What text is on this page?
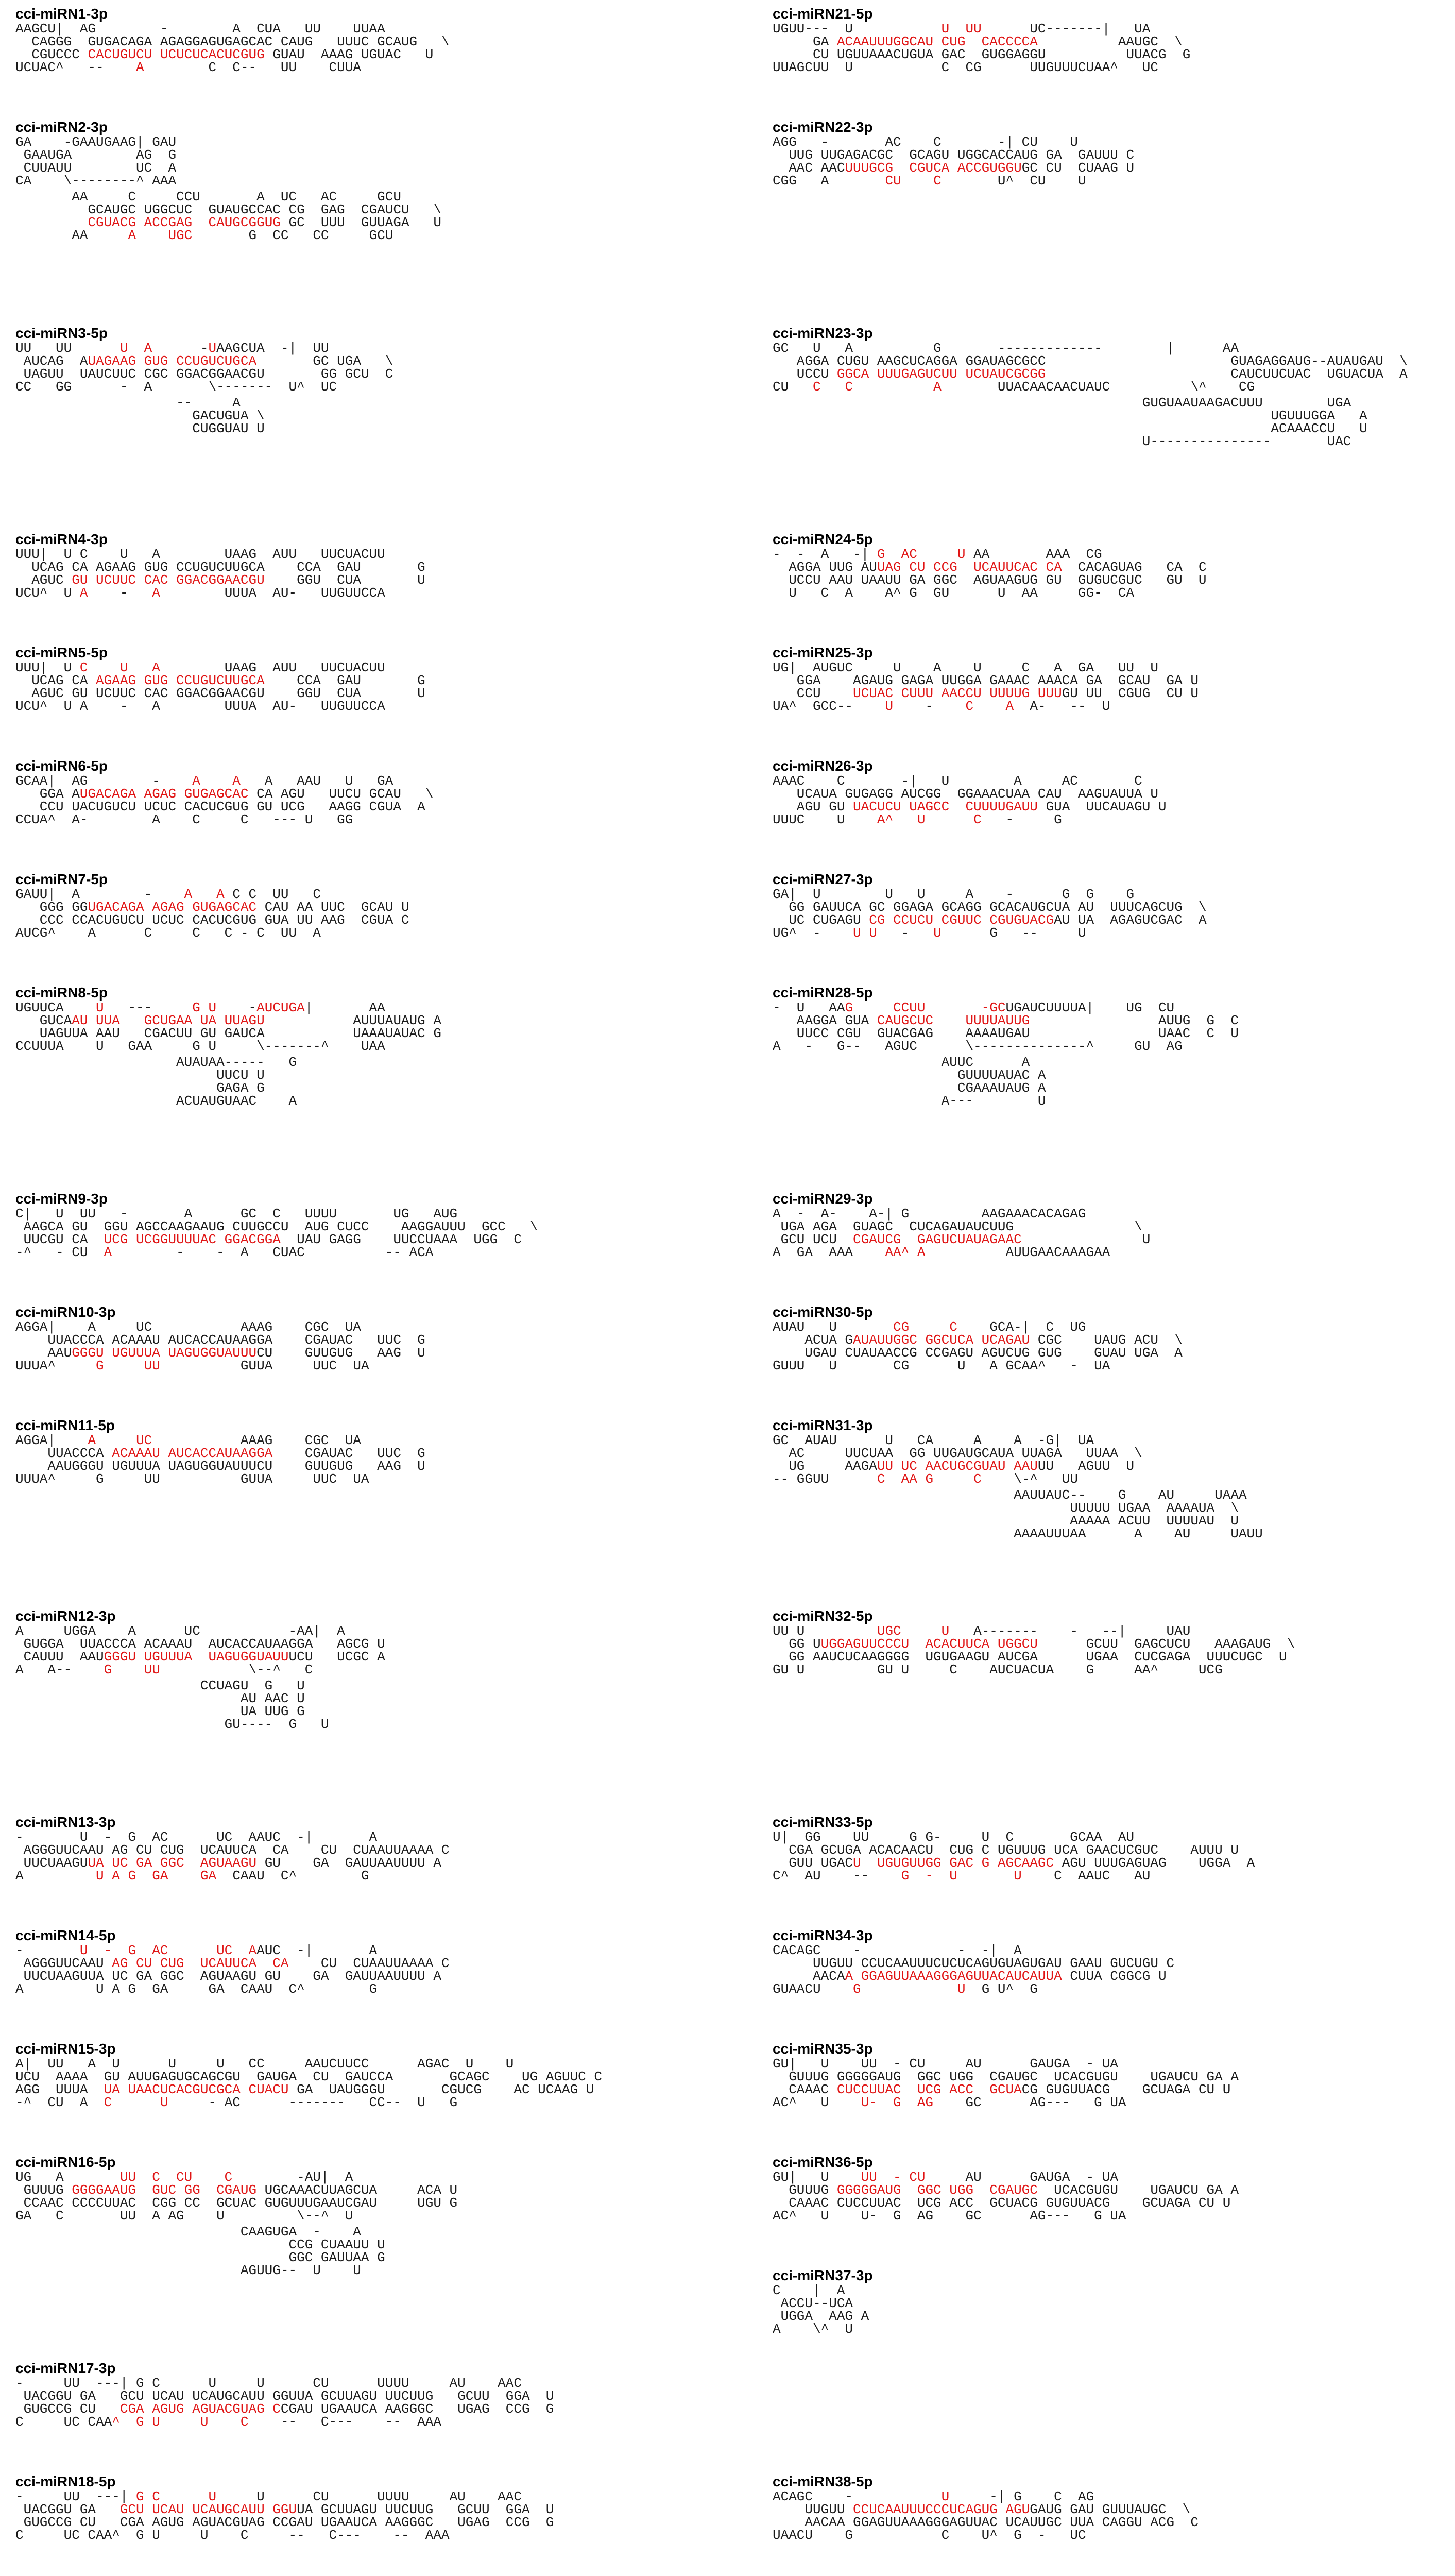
cci-miRN1-3p
AAGCU|  AG        -        A  CUA   UU    UUAA
CAGGG  GUGACAGA AGAGGAGUGAGCAC CAUG   UUUC GCAUG   \
CGUCCC CACUGUCU UCUCUCACUCGUG GUAU  AAAG UGUAC   U
UCUAC^   --    A        C  C--   UU    CUUA
cci-miRN2-3p
GA    -GAAUGAAG| GAU
GAAUGA        AG  G
CUUAUU        UC  A
CA    \--------^ AAA
AA     C     CCU       A  UC   AC     GCU
GCAUGC UGGCUC  GUAUGCCAC CG  GAG  CGAUCU   \
CGUACG ACCGAG  CAUGCGGUG GC  UUU  GUUAGA   U
AA     A UGC       G  CC   CC     GCU
cci-miRN3-5p
UU   UU      U  A      -UAAGCUA  -|  UU
AUCAG  AUAGAAG GUG CCUGUCUGCA       GC UGA   \
UAGUU  UAUCUUC CGC GGACGGAACGU       GG GCU  C
CC   GG      -  A       \-------  U^  UC
--     A
GACUGUA \
CUGGUAU U
cci-miRN4-3p
UUU|  U C    U   A        UAAG  AUU   UUCUACUU
UCAG CA AGAAG GUG CCUGUCUUGCA    CCA  GAU       G
AGUC GU UCUUC CAC GGACGGAACGU    GGU  CUA       U
UCU^  U A    -   A        UUUA  AU-   UUGUUCCA
cci-miRN5-5p
UUU|  U C U   A        UAAG  AUU   UUCUACUU
UCAG CA AGAAG GUG CCUGUCUUGCA    CCA  GAU       G
AGUC GU UCUUC CAC GGACGGAACGU    GGU  CUA       U
UCU^  U A    -   A        UUUA  AU-   UUGUUCCA
cci-miRN6-5p
GCAA|  AG        -    A A   A   AAU   U   GA
GGA AUGACAGA AGAG GUGAGCAC CA AGU   UUCU GCAU   \
CCU UACUGUCU UCUC CACUCGUG GU UCG   AAGG CGUA  A
CCUA^  A-        A    C     C   --- U   GG
cci-miRN7-5p
GAUU|  A        -    A A C C  UU   C
GGG GGUGACAGA AGAG GUGAGCAC CAU AA UUC  GCAU U
CCC CCACUGUCU UCUC CACUCGUG GUA UU AAG  CGUA C
AUCG^    A      C     C   C - C  UU  A
cci-miRN8-5p
UGUUCA    U   ---     G U    -AUCUGA|       AA
GUCAAU UUA   GCUGAA UA UUAGU           AUUUAUAUG A
UAGUUA AAU   CGACUU GU GAUCA           UAAAUAUAC G
CCUUUA    U   GAA     G U     \-------^    UAA
AUAUAA-----   G
UUCU U
GAGA G
ACUAUGUAAC    A
cci-miRN9-3p
C|   U  UU   -       A      GC  C   UUUU       UG   AUG
AAGCA GU  GGU AGCCAAGAAUG CUUGCCU  AUG CUCC    AAGGAUUU  GCC   \
UUCGU CA  UCG UCGGUUUUAC GGACGGA  UAU GAGG    UUCCUAAA  UGG  C
-^   - CU  A        -    -  A   CUAC          -- ACA
cci-miRN10-3p
AGGA|    A     UC           AAAG    CGC  UA
UUACCCA ACAAAU AUCACCAUAAGGA    CGAUAC   UUC  G
AAUGGGU UGUUUA UAGUGGUAUUUCU    GUUGUG   AAG  U
UUUA^     G	UU          GUUA     UUC  UA
cci-miRN11-5p
AGGA|    A	UC           AAAG    CGC  UA
UUACCCA ACAAAU AUCACCAUAAGGA    CGAUAC   UUC  G
AAUGGGU UGUUUA UAGUGGUAUUUCU    GUUGUG   AAG  U
UUUA^     G     UU          GUUA     UUC  UA
cci-miRN12-3p
A     UGGA    A      UC           -AA|  A
GUGGA  UUACCCA ACAAAU  AUCACCAUAAGGA   AGCG U
CAUUU  AAUGGGU UGUUUA  UAGUGGUAUUUCU   UCGC A
A   A--    G UU           \--^   C
CCUAGU  G   U
AU AAC U
UA UUG G
GU----  G   U
cci-miRN13-3p
-       U  -  G  AC      UC  AAUC  -|       A
AGGGUUCAAU AG CU CUG  UCAUUCA  CA    CU  CUAAUUAAAA C
UUCUAAGUUA UC GA GGC  AGUAAGU GU    GA  GAUUAAUUUU A
A         U A G  GA GA  CAAU  C^        G
cci-miRN14-5p
-       U  -  G  AC	UC  AAUC  -|       A
AGGGUUCAAU AG CU CUG  UCAUUCA  CA    CU  CUAAUUAAAA C
UUCUAAGUUA UC GA GGC  AGUAAGU GU    GA  GAUUAAUUUU A
A         U A G  GA     GA  CAAU  C^        G
cci-miRN15-3p
A|  UU   A  U      U     U   CC     AAUCUUCC      AGAC  U    U
UCU  AAAA  GU AUUGAGUGCAGCGU  GAUGA  CU  GAUCCA       GCAGC    UG AGUUC C
AGG  UUUA  UA UAACUCACGUCGCA CUACU GA  UAUGGGU       CGUCG    AC UCAAG U
-^  CU  A  C	U     - AC      -------   CC--  U   G
cci-miRN16-5p
UG   A       UU  C  CU    C        -AU|  A
GUUUG GGGGAAUG  GUC GG  CGAUG UGCAAACUUAGCUA     ACA U
CCAAC CCCCUUAC  CGG CC  GCUAC GUGUUUGAAUCGAU     UGU G
GA   C       UU  A AG    U         \--^  U
CAAGUGA  -    A
CCG CUAAUU U
GGC GAUUAA G
AGUUG--  U    U
cci-miRN17-3p
-     UU  ---| G C      U     U      CU      UUUU     AU    AAC
UACGGU GA   GCU UCAU UCAUGCAUU GGUUA GCUUAGU UUCUUG   GCUU  GGA  U
GUGCCG CU   CGA AGUG AGUACGUAG CCGAU UGAAUCA AAGGGC   UGAG  CCG  G
C     UC CAA^  G U     U    C    --   C---    --  AAA
cci-miRN18-5p
-     UU  ---| G C	U     U      CU      UUUU     AU    AAC
UACGGU GA   GCU UCAU UCAUGCAUU GGUUA GCUUAGU UUCUUG   GCUU  GGA  U
GUGCCG CU   CGA AGUG AGUACGUAG CCGAU UGAAUCA AAGGGC   UGAG  CCG  G
C     UC CAA^  G U     U    C     --   C---    --  AAA

cci-miRN21-5p
UGUU---  U           U  UU      UC-------|   UA
GA ACAAUUUGGCAU CUG  CACCCCA          AAUGC  \
CU UGUUAAACUGUA GAC  GUGGAGGU          UUACG  G
UUAGCUU  U           C  CG      UUGUUUCUAA^   UC
cci-miRN22-3p
AGG   -       AC    C       -| CU    U
UUG UUGAGACGC  GCAGU UGGCACCAUG GA  GAUUU C
AAC AACUUUGCG  CGUCA ACCGUGGUGC CU  CUAAG U
CGG   A       CU C       U^  CU    U
cci-miRN23-3p
GC   U   A          G       -------------        |      AA
AGGA CUGU AAGCUCAGGA GGAUAGCGCC                       GUAGAGGAUG--AUAUGAU  \
UCCU GGCA UUUGAGUCUU UCUAUCGCGG                       CAUCUUCUAC  UGUACUA  A
CU   C C	A       UUACAACAACUAUC          \^    CG
GUGUAAUAAGACUUU        UGA
UGUUUGGA   A
ACAAACCU   U
U---------------       UAC
cci-miRN24-5p
-  -  A   -| G  AC	U AA       AAA  CG
AGGA UUG AUUAG CU CCG  UCAUUCAC CA  CACAGUAG   CA  C
UCCU AAU UAAUU GA GGC  AGUAAGUG GU  GUGUCGUC   GU  U
U   C  A    A^ G  GU      U  AA     GG-  CA
cci-miRN25-3p
UG|  AUGUC     U    A    U     C   A  GA   UU  U
GGA    AGAUG GAGA UUGGA GAAAC AAACA GA  GCAU  GA U
CCU    UCUAC CUUU AACCU UUUUG UUUGU UU  CGUG  CU U
UA^  GCC--    U    -    C A  A-   --  U
cci-miRN26-3p
AAAC    C       -|   U        A     AC       C
UCAUA GUGAGG AUCGG  GGAAACUAA CAU  AAGUAUUA U
AGU GU UACUCU UAGCC  CUUUUGAUU GUA  UUCAUAGU U
UUUC    U    A^ U	C   -     G
cci-miRN27-3p
GA|  U        U   U     A    -      G  G    G
GG GAUUCA GC GGAGA GCAGG GCACAUGCUA AU  UUUCAGCUG  \
UC CUGAGU CG CCUCU CGUUC CGUGUACGAU UA  AGAGUCGAC  A
UG^  -    U U   -   U      G   --     U
cci-miRN28-5p
-  U   AAG     CCUU       -GCUGAUCUUUUA|    UG  CU
AAGGA GUA CAUGCUC    UUUUAUUG                AUUG  G  C
UUCC CGU  GUACGAG    AAAAUGAU                UAAC  C  U
A   -   G--   AGUC      \--------------^     GU  AG
AUUC      A
GUUUUAUAC A
CGAAAUAUG A
A---        U
cci-miRN29-3p
A  -  A-    A-| G         AAGAAACACAGAG
UGA AGA  GUAGC  CUCAGAUAUCUUG               \
GCU UCU  CGAUCG  GAGUCUAUAGAAC               U
A  GA  AAA    AA^ A          AUUGAACAAAGAA
cci-miRN30-5p
AUAU   U       CG     C    GCA-|  C  UG
ACUA GAUAUUGGC GGCUCA UCAGAU CGC    UAUG ACU  \
UGAU CUAUAACCG CCGAGU AGUCUG GUG    GUAU UGA  A
GUUU   U       CG      U   A GCAA^   -  UA
cci-miRN31-3p
GC  AUAU      U   CA     A    A  -G|  UA
AC     UUCUAA  GG UUGAUGCAUA UUAGA   UUAA  \
UG     AAGAUU UC AACUGCGUAU AAUUU   AGUU  U
-- GGUU      C  AA G	C    \-^   UU
AAUUAUC--    G    AU     UAAA
UUUUU UGAA  AAAAUA  \
AAAAA ACUU  UUUUAU  U
AAAAUUUAA      A    AU     UAUU
cci-miRN32-5p
UU U         UGC	U   A-------    -   --|     UAU
GG UUGGAGUUCCCU  ACACUUCA UGGCU      GCUU  GAGCUCU   AAAGAUG  \
GG AAUCUCAAGGGG  UGUGAAGU AUCGA      UGAA  CUCGAGA  UUUCUGC  U
GU U         GU U     C    AUCUACUA    G     AA^     UCG
cci-miRN33-5p
U|  GG    UU     G G-     U  C       GCAA  AU
CGA GCUGA ACACAACU  CUG C UGUUUG UCA GAACUCGUC    AUUU U
GUU UGACU  UGUGUUGG GAC G AGCAAGC AGU UUUGAGUAG    UGGA  A
C^  AU    --    G  -  U	U    C  AAUC   AU
cci-miRN34-3p
CACAGC    -            -  -|  A
UUGUU CCUCAAUUUCUCUCAGUGUAGUGAU GAAU GUCUGU C
AACAA GGAGUUAAAGGGAGUUACAUCAUUA CUUA CGGCG U
GUAACU    G	U  G U^  G
cci-miRN35-3p
GU|   U    UU  - CU     AU      GAUGA  - UA
GUUUG GGGGGAUG  GGC UGG  CGAUGC  UCACGUGU    UGAUCU GA A
CAAAC CUCCUUAC  UCG ACC  GCUACG GUGUUACG    GCUAGA CU U
AC^   U    U-  G  AG    GC      AG---   G UA
cci-miRN36-5p
GU|   U    UU  - CU     AU      GAUGA  - UA
GUUUG GGGGGAUG  GGC UGG  CGAUGC  UCACGUGU    UGAUCU GA A
CAAAC CUCCUUAC  UCG ACC  GCUACG GUGUUACG    GCUAGA CU U
AC^   U    U-  G  AG    GC      AG---   G UA
cci-miRN37-3p
C    |  A
ACCU--UCA
UGGA  AAG A
A    \^  U
cci-miRN38-5p
ACAGC    -           U     -| G    C  AG
UUGUU CCUCAAUUUCCCUCAGUG AGUGAUG GAU GUUUAUGC  \
AACAA GGAGUUAAAGGGAGUUAC UCAUUGC UUA CAGGU ACG  C
UAACU    G           C    U^  G  -   UC
